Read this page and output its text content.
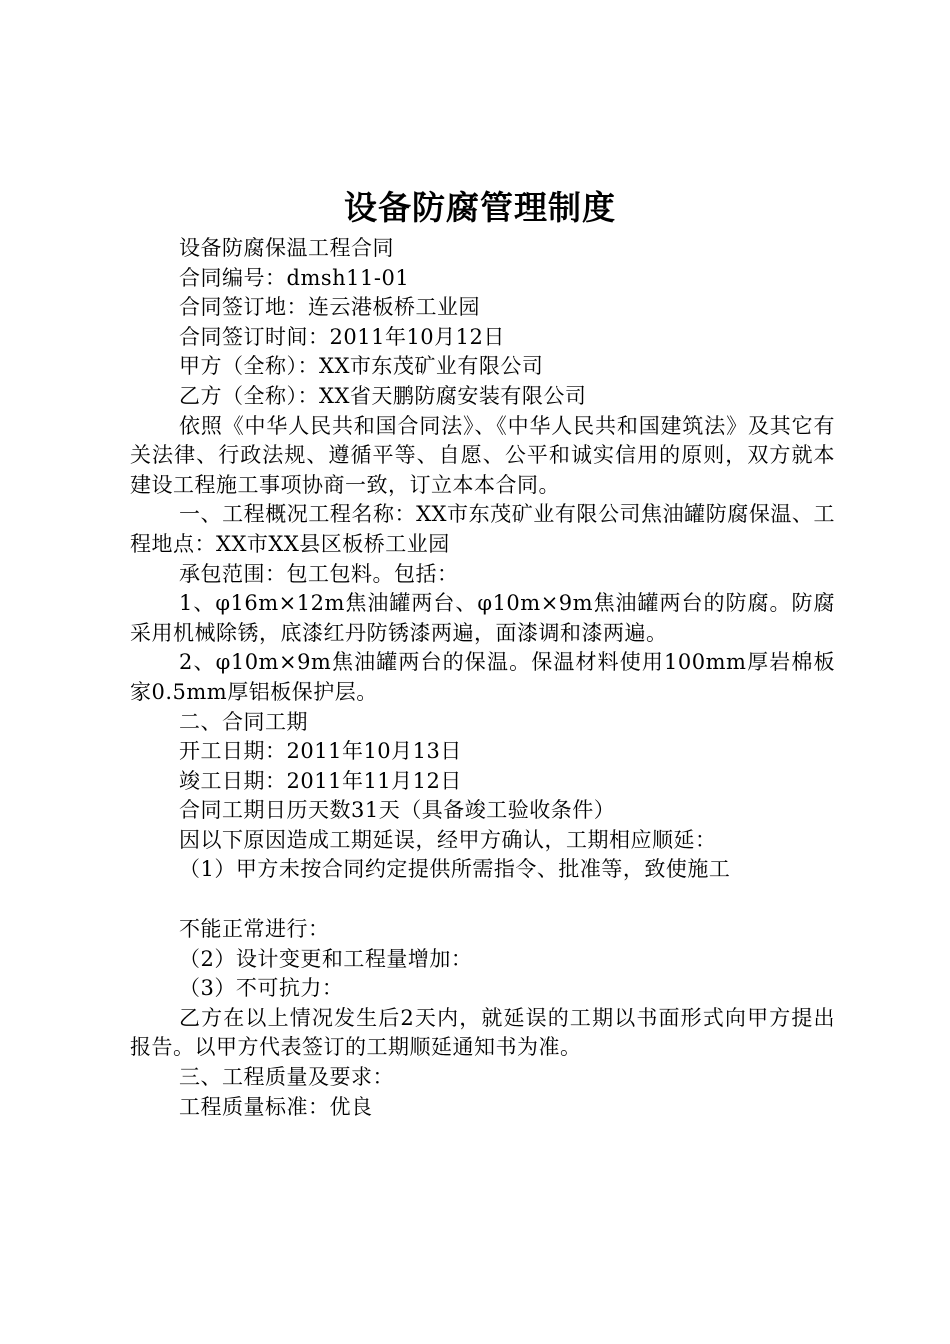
设备防腐管理制度

设备防腐保温工程合同

合同编号：dmsh11-01

合同签订地：连云港板桥工业园

合同签订时间：2011年10月12日

甲方（全称）：XX市东茂矿业有限公司

乙方（全称）：XX省天鹏防腐安装有限公司

依照《中华人民共和国合同法》、《中华人民共和国建筑法》及其它有关法律、行政法规、遵循平等、自愿、公平和诚实信用的原则，双方就本建设工程施工事项协商一致，订立本本合同。

一、工程概况工程名称：XX市东茂矿业有限公司焦油罐防腐保温、工程地点：XX市XX县区板桥工业园

承包范围：包工包料。包括：

1、φ16m×12m焦油罐两台、φ10m×9m焦油罐两台的防腐。防腐采用机械除锈，底漆红丹防锈漆两遍，面漆调和漆两遍。

2、φ10m×9m焦油罐两台的保温。保温材料使用100mm厚岩棉板家0.5mm厚铝板保护层。

二、合同工期

开工日期：2011年10月13日

竣工日期：2011年11月12日

合同工期日历天数31天（具备竣工验收条件）

因以下原因造成工期延误，经甲方确认，工期相应顺延：

（1）甲方未按合同约定提供所需指令、批准等，致使施工

不能正常进行：

（2）设计变更和工程量增加：

（3）不可抗力：

乙方在以上情况发生后2天内，就延误的工期以书面形式向甲方提出报告。以甲方代表签订的工期顺延通知书为准。

三、工程质量及要求：

工程质量标准：优良
